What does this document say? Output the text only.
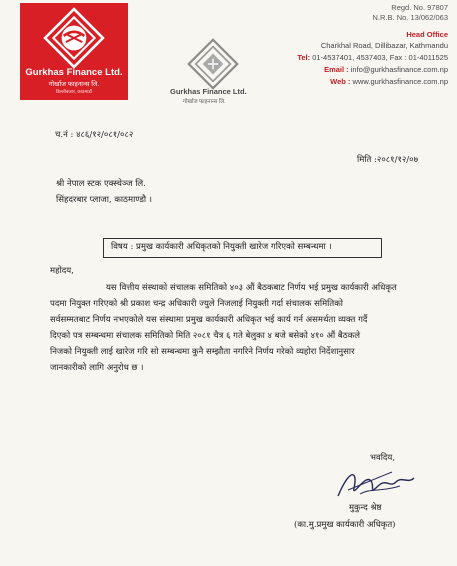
Gurkhas Finance Ltd.
गोर्खाज फाइनान्स लि.
डिल्लीबजार, काठमाडौं	Gurkhas Finance Ltd.
गोर्खाज फाइनान्स लि.
Regd. No. 97807
N.R.B. No. 13/062/063
Head Office
Charkhal Road, Dillibazar, Kathmandu
Tel: 01-4537401, 4537403, Fax : 01-4011525
Email : info@gurkhasfinance.com.np
Web : www.gurkhasfinance.com.np
च.नं : ४८६/१२/०८१/०८२
मिति :२०८१/१२/०७
श्री नेपाल स्टक एक्स्चेञ्ज लि.
सिंहदरबार प्लाजा, काठमाण्डौ ।
विषय : प्रमुख कार्यकारी अधिकृतको नियुक्ती खारेज गरिएको सम्बन्धमा ।
महोदय,
यस वित्तीय संस्थाको संचालक समितिको ४०३ औं बैठकबाट निर्णय भई प्रमुख कार्यकारी अधिकृत
पदमा नियुक्त गरिएको श्री प्रकाश चन्द्र अधिकारी ज्युले निजलाई नियुक्ती गर्दा संचालक समितिको
सर्वसम्मतबाट निर्णय नभएकोले यस संस्थामा प्रमुख कार्यकारी अधिकृत भई कार्य गर्न असमर्थता व्यक्त गर्दै
दिएको पत्र सम्बन्धमा संचालक समितिको मिति २०८१ चैत्र ६ गते बेलुका ४ बजे बसेको ४१० औं बैठकले
निजको नियुक्ती लाई खारेज गरि सो सम्बन्धमा कुनै सम्झौता नगरिने निर्णय गरेको व्यहोरा निर्देशानुसार
जानकारीको लागि अनुरोध छ ।
भवदिय,
मुकुन्द श्रेष्ठ
(का.मु.प्रमुख कार्यकारी अधिकृत)
